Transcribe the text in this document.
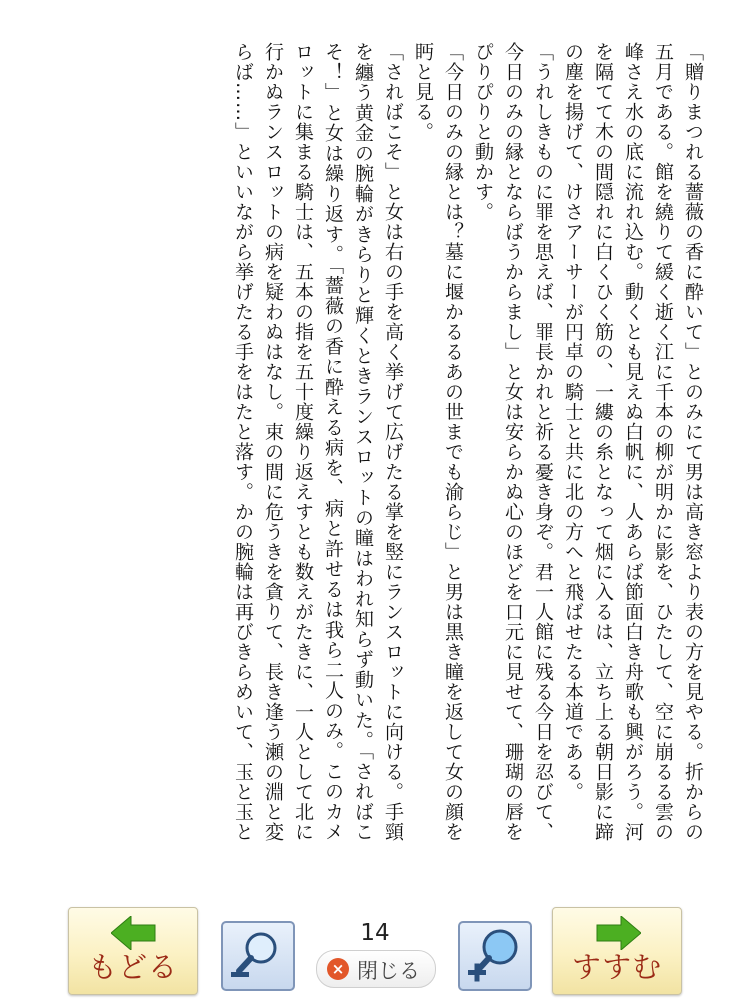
「贈りまつれる薔薇の香に酔いて」とのみにて男は高き窓より表の方を見やる。折からの五月である。館を繞りて緩く逝く江に千本の柳が明かに影を、ひたして、空に崩るる雲の峰さえ水の底に流れ込む。動くとも見えぬ白帆に、人あらば節面白き舟歌も興がろう。河を隔てて木の間隠れに白くひく筋の、一縷の糸となって烟に入るは、立ち上る朝日影に蹄の塵を揚げて、けさアーサーが円卓の騎士と共に北の方へと飛ばせたる本道である。

「うれしきものに罪を思えば、罪長かれと祈る憂き身ぞ。君一人館に残る今日を忍びて、今日のみの縁とならばうからまし」と女は安らかぬ心のほどを口元に見せて、珊瑚の唇をぴりぴりと動かす。

「今日のみの縁とは？墓に堰かるるあの世までも渝らじ」と男は黒き瞳を返して女の顔を眄と見る。

「さればこそ」と女は右の手を高く挙げて広げたる掌を竪にランスロットに向ける。手頸を纏う黄金の腕輪がきらりと輝くときランスロットの瞳はわれ知らず動いた。「さればこそ！」と女は繰り返す。「薔薇の香に酔える病を、病と許せるは我ら二人のみ。このカメロットに集まる騎士は、五本の指を五十度繰り返えすとも数えがたきに、一人として北に行かぬランスロットの病を疑わぬはなし。束の間に危うきを貪りて、長き逢う瀬の淵と変らば……」といいながら挙げたる手をはたと落す。かの腕輪は再びきらめいて、玉と玉と

もどる
14
× 閉じる	すすむ
